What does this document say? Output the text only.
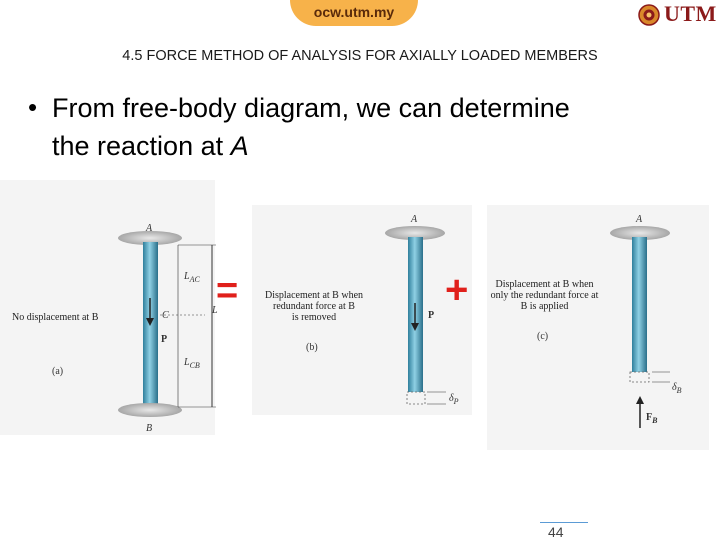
ocw.utm.my	UTM
4.5 FORCE METHOD OF ANALYSIS FOR AXIALLY LOADED MEMBERS
• From free-body diagram, we can determine
the reaction at A
No displacement at B
A
B
$L_{AC}$
L
$L_{CB}$
C
P
(a)
=	Displacement at B when
redundant force at B
is removed
(b)
A
P
$\delta_P$
+	Displacement at B when
only the redundant force at
B is applied
(c)
A
$\delta_B$
$F_B$
44
